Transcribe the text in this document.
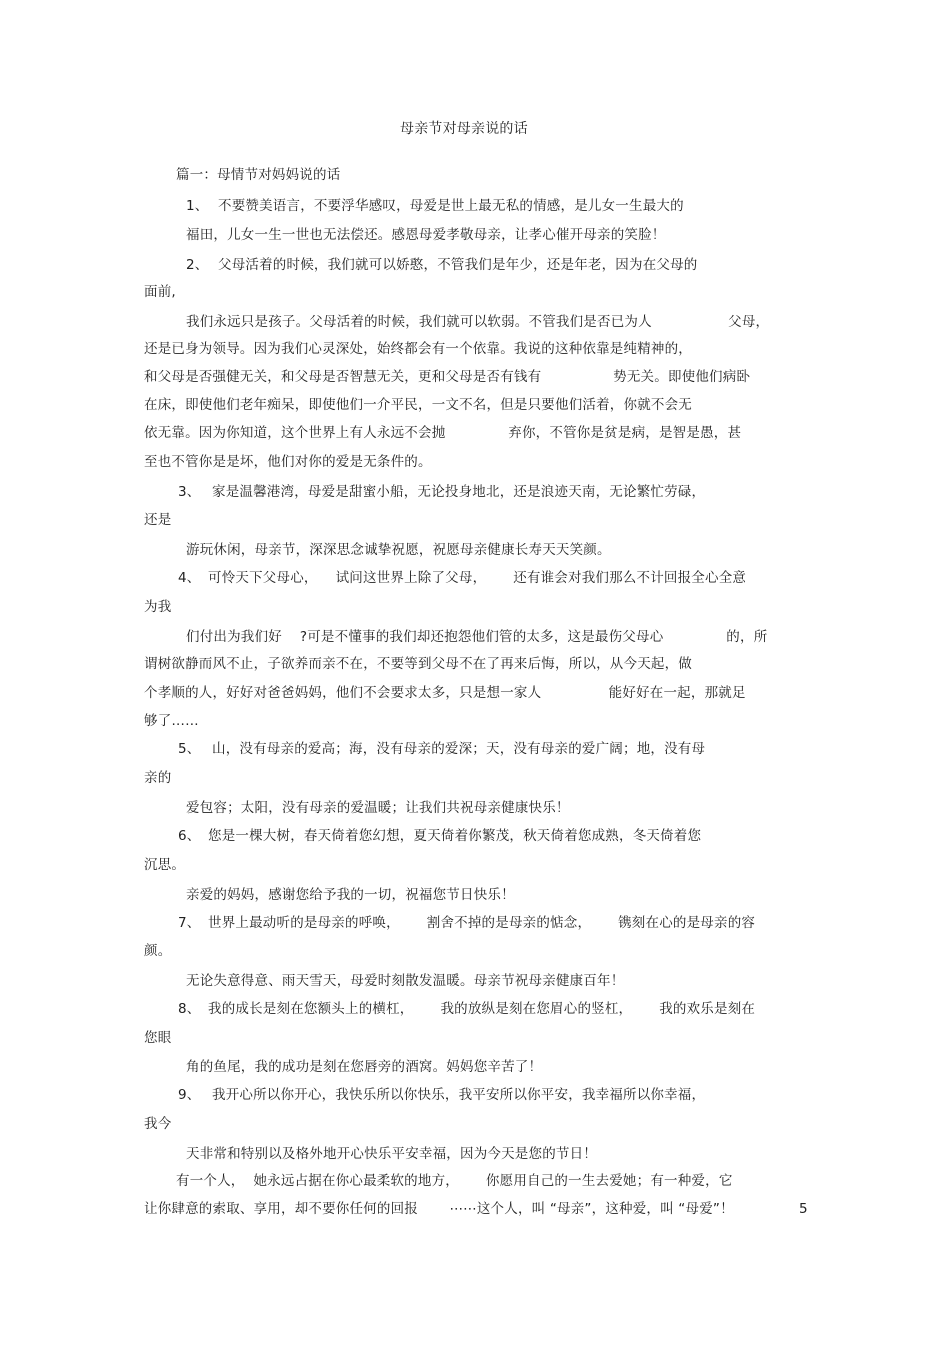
母亲节对母亲说的话
篇一：母情节对妈妈说的话
1、 不要赞美语言，不要浮华感叹，母爱是世上最无私的情感，是儿女一生最大的
福田，儿女一生一世也无法偿还。感恩母爱孝敬母亲，让孝心催开母亲的笑脸！
2、 父母活着的时候，我们就可以娇憨，不管我们是年少，还是年老，因为在父母的
面前,
我们永远只是孩子。父母活着的时候，我们就可以软弱。不管我们是否已为人                 父母，
还是已身为领导。因为我们心灵深处，始终都会有一个依靠。我说的这种依靠是纯精神的，
和父母是否强健无关，和父母是否智慧无关，更和父母是否有钱有                势无关。即使他们病卧
在床，即使他们老年痴呆，即使他们一介平民，一文不名，但是只要他们活着，你就不会无
依无靠。因为你知道，这个世界上有人永远不会抛              弃你，不管你是贫是病，是智是愚，甚
至也不管你是是坏，他们对你的爱是无条件的。
3、 家是温馨港湾，母爱是甜蜜小船，无论投身地北，还是浪迹天南，无论繁忙劳碌，
还是
游玩休闲，母亲节，深深思念诚挚祝愿，祝愿母亲健康长寿天天笑颜。
4、 可怜天下父母心，    试问这世界上除了父母，      还有谁会对我们那么不计回报全心全意
为我
们付出为我们好    ?可是不懂事的我们却还抱怨他们管的太多，这是最伤父母心              的，所
谓树欲静而风不止，子欲养而亲不在，不要等到父母不在了再来后悔，所以，从今天起，做
个孝顺的人，好好对爸爸妈妈，他们不会要求太多，只是想一家人               能好好在一起，那就足
够了……
5、 山，没有母亲的爱高；海，没有母亲的爱深；天，没有母亲的爱广阔；地，没有母
亲的
爱包容；太阳，没有母亲的爱温暖；让我们共祝母亲健康快乐！
6、 您是一棵大树，春天倚着您幻想，夏天倚着你繁茂，秋天倚着您成熟，冬天倚着您
沉思。
亲爱的妈妈，感谢您给予我的一切，祝福您节日快乐！
7、 世界上最动听的是母亲的呼唤，      割舍不掉的是母亲的惦念，      镌刻在心的是母亲的容
颜。
无论失意得意、雨天雪天，母爱时刻散发温暖。母亲节祝母亲健康百年！
8、 我的成长是刻在您额头上的横杠，      我的放纵是刻在您眉心的竖杠，      我的欢乐是刻在
您眼
角的鱼尾，我的成功是刻在您唇旁的酒窝。妈妈您辛苦了！
9、 我开心所以你开心，我快乐所以你快乐，我平安所以你平安，我幸福所以你幸福，
我今
天非常和特别以及格外地开心快乐平安幸福，因为今天是您的节日！
有一个人，  她永远占据在你心最柔软的地方，      你愿用自己的一生去爱她；有一种爱，它
让你肆意的索取、享用，却不要你任何的回报       ⋯⋯这个人，叫 “母亲”，这种爱，叫 “母爱”！	5
